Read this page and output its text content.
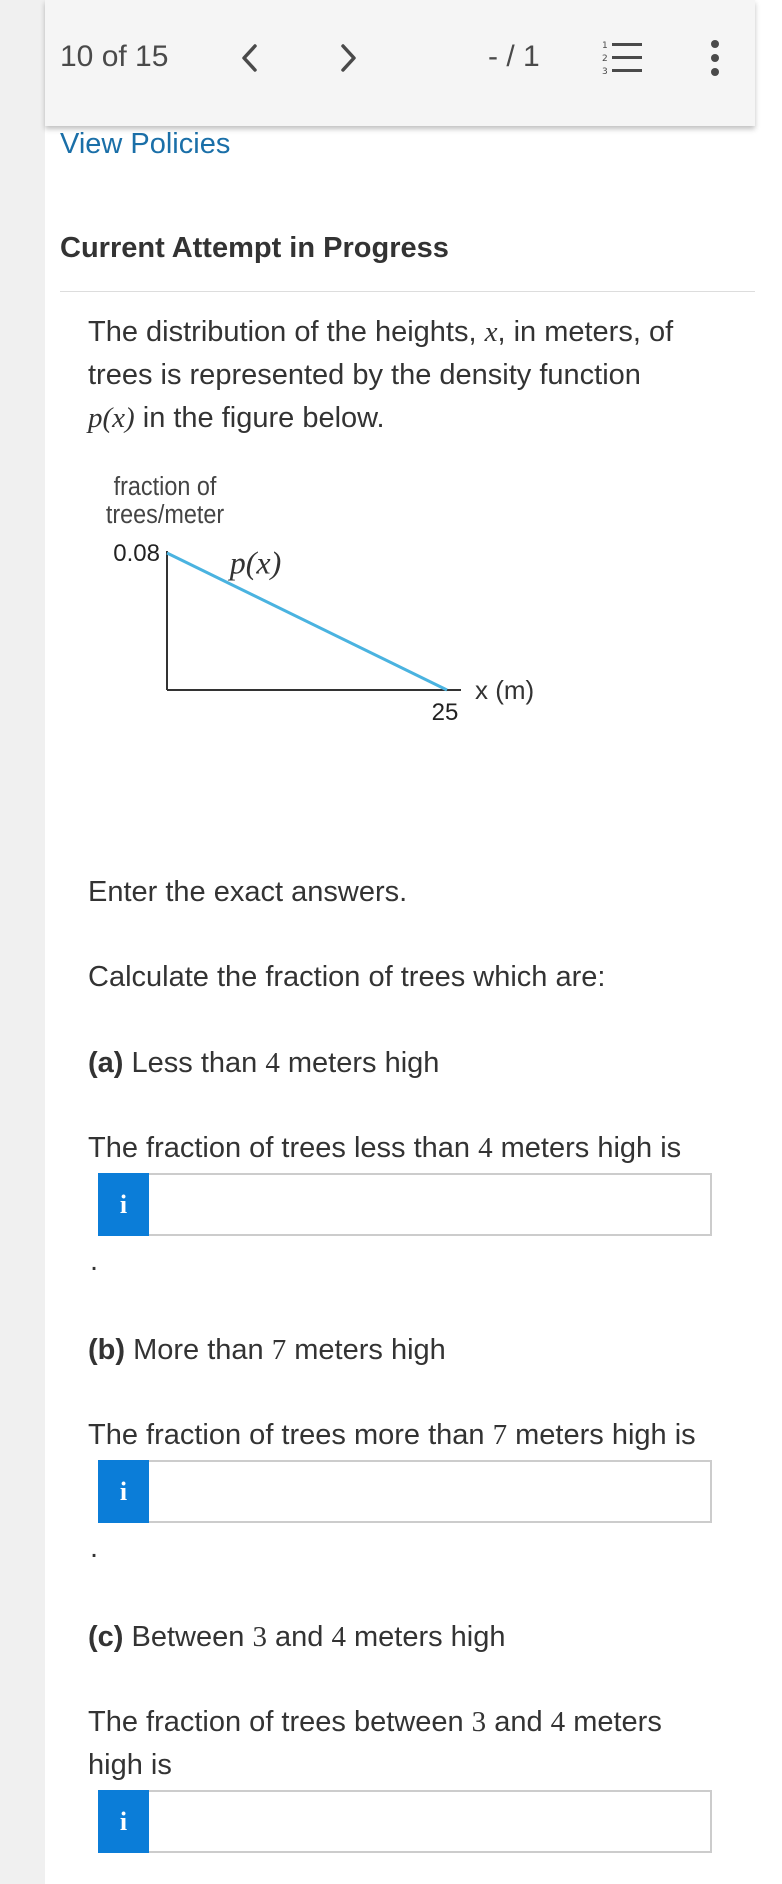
10 of 15	- / 1	1
2
3
View Policies
Current Attempt in Progress
The distribution of the heights, x, in meters, of
trees is represented by the density function
p(x) in the figure below.
fraction of
trees/meter
0.08
25
x (m)
p(x)
Enter the exact answers.
Calculate the fraction of trees which are:
(a) Less than 4 meters high
The fraction of trees less than 4 meters high is
i
.
(b) More than 7 meters high
The fraction of trees more than 7 meters high is
i
.
(c) Between 3 and 4 meters high
The fraction of trees between 3 and 4 meters
high is
i
